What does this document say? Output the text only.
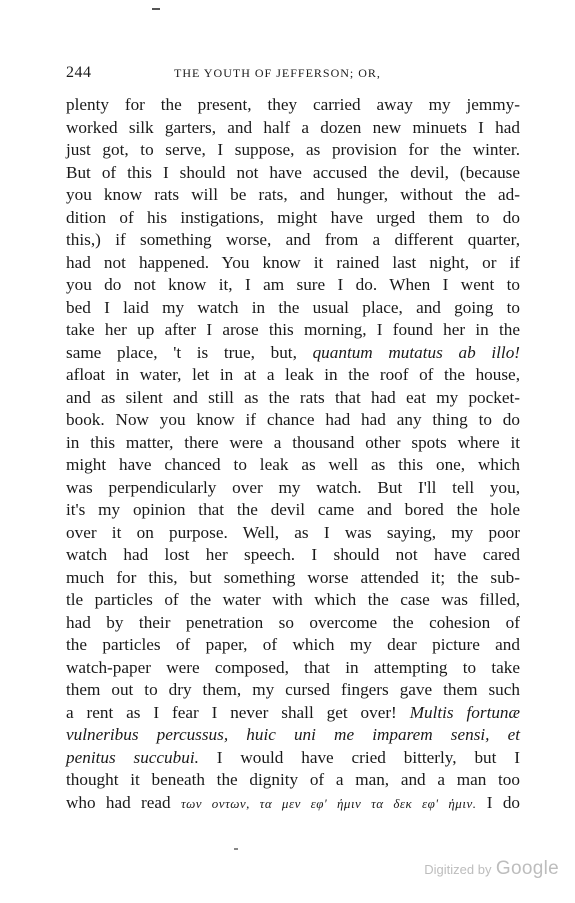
244	THE YOUTH OF JEFFERSON; OR,
plenty for the present, they carried away my jemmy-
worked silk garters, and half a dozen new minuets I had
just got, to serve, I suppose, as provision for the winter.
But of this I should not have accused the devil, (because
you know rats will be rats, and hunger, without the ad-
dition of his instigations, might have urged them to do
this,) if something worse, and from a different quarter,
had not happened. You know it rained last night, or if
you do not know it, I am sure I do. When I went to
bed I laid my watch in the usual place, and going to
take her up after I arose this morning, I found her in the
same place, 't is true, but, quantum mutatus ab illo!
afloat in water, let in at a leak in the roof of the house,
and as silent and still as the rats that had eat my pocket-
book. Now you know if chance had had any thing to do
in this matter, there were a thousand other spots where it
might have chanced to leak as well as this one, which
was perpendicularly over my watch. But I'll tell you,
it's my opinion that the devil came and bored the hole
over it on purpose. Well, as I was saying, my poor
watch had lost her speech. I should not have cared
much for this, but something worse attended it; the sub-
tle particles of the water with which the case was filled,
had by their penetration so overcome the cohesion of
the particles of paper, of which my dear picture and
watch-paper were composed, that in attempting to take
them out to dry them, my cursed fingers gave them such
a rent as I fear I never shall get over! Multis fortunæ
vulneribus percussus, huic uni me imparem sensi, et
penitus succubui. I would have cried bitterly, but I
thought it beneath the dignity of a man, and a man too
who had read των οντων, τα μεν εφ' ἡμιν τα δεκ εφ' ἡμιν. I do
Digitized by Google
